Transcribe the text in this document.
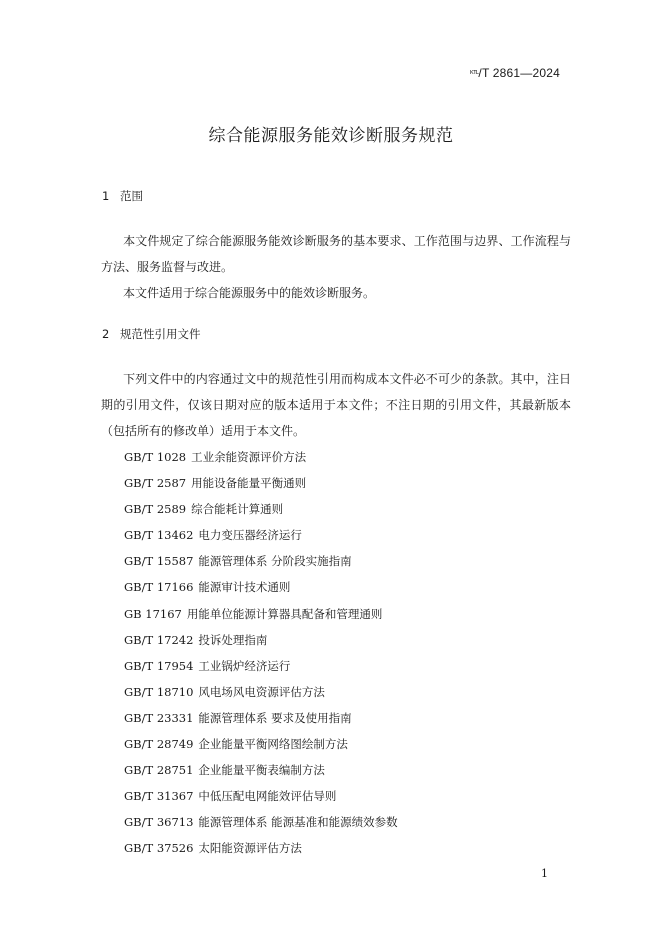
ᴷᵀᴸ/T 2861—2024
综合能源服务能效诊断服务规范
1 范围
本文件规定了综合能源服务能效诊断服务的基本要求、工作范围与边界、工作流程与方法、服务监督与改进。
本文件适用于综合能源服务中的能效诊断服务。
2 规范性引用文件
下列文件中的内容通过文中的规范性引用而构成本文件必不可少的条款。其中，注日期的引用文件，仅该日期对应的版本适用于本文件；不注日期的引用文件，其最新版本（包括所有的修改单）适用于本文件。
GB/T 1028 工业余能资源评价方法
GB/T 2587 用能设备能量平衡通则
GB/T 2589 综合能耗计算通则
GB/T 13462 电力变压器经济运行
GB/T 15587 能源管理体系 分阶段实施指南
GB/T 17166 能源审计技术通则
GB 17167 用能单位能源计算器具配备和管理通则
GB/T 17242 投诉处理指南
GB/T 17954 工业锅炉经济运行
GB/T 18710 风电场风电资源评估方法
GB/T 23331 能源管理体系 要求及使用指南
GB/T 28749 企业能量平衡网络图绘制方法
GB/T 28751 企业能量平衡表编制方法
GB/T 31367 中低压配电网能效评估导则
GB/T 36713 能源管理体系 能源基准和能源绩效参数
GB/T 37526 太阳能资源评估方法
1
